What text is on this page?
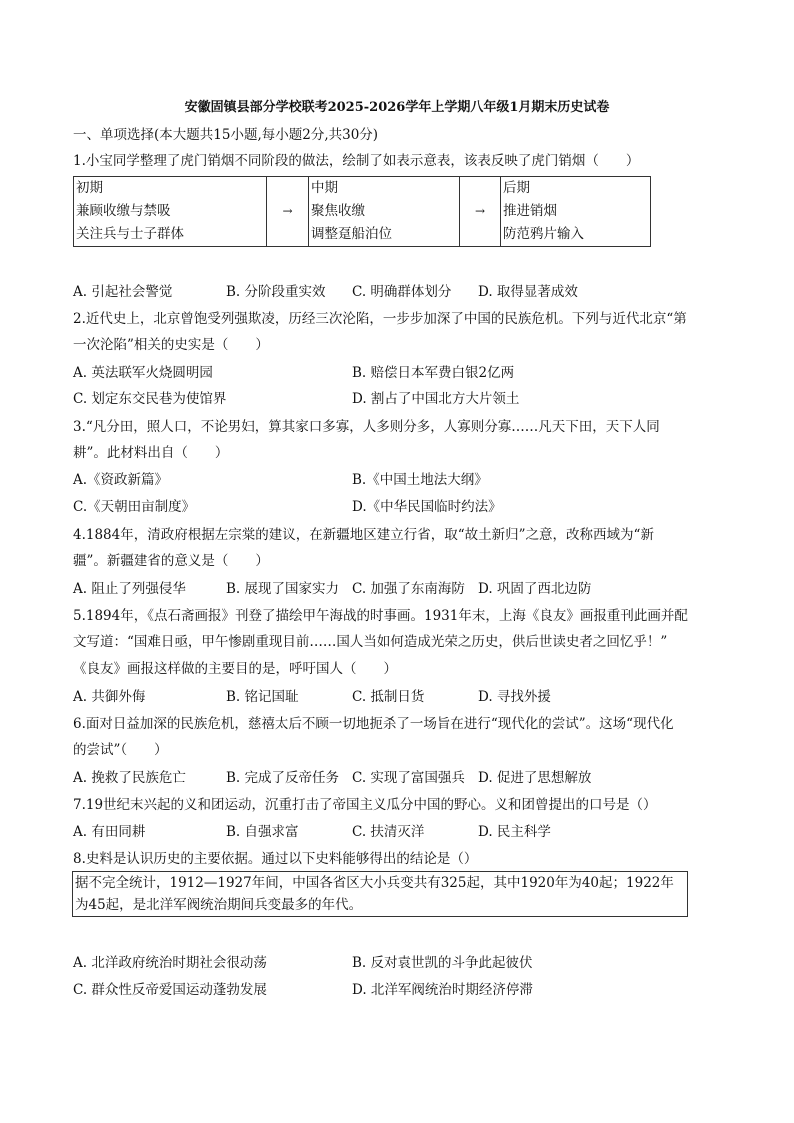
安徽固镇县部分学校联考2025-2026学年上学期八年级1月期末历史试卷
一、单项选择(本大题共15小题,每小题2分,共30分)
1.小宝同学整理了虎门销烟不同阶段的做法，绘制了如表示意表，该表反映了虎门销烟（　　）
初期
兼顾收缴与禁吸
关注兵与士子群体
	→	
中期
聚焦收缴
调整趸船泊位
	→	
后期
推进销烟
防范鸦片输入
A. 引起社会警觉	B. 分阶段重实效 C. 明确群体划分 D. 取得显著成效
2.近代史上，北京曾饱受列强欺凌，历经三次沦陷，一步步加深了中国的民族危机。下列与近代北京“第
一次沦陷”相关的史实是（　　）
A. 英法联军火烧圆明园	B. 赔偿日本军费白银2亿两
C. 划定东交民巷为使馆界	D. 割占了中国北方大片领土
3.“凡分田，照人口，不论男妇，算其家口多寡，人多则分多，人寡则分寡……凡天下田，天下人同
耕”。此材料出自（　　）
A.《资政新篇》	B.《中国土地法大纲》
C.《天朝田亩制度》	D.《中华民国临时约法》
4.1884年，清政府根据左宗棠的建议，在新疆地区建立行省，取“故土新归”之意，改称西域为“新
疆”。新疆建省的意义是（　　）
A. 阻止了列强侵华	B. 展现了国家实力 C. 加强了东南海防 D. 巩固了西北边防
5.1894年，《点石斋画报》刊登了描绘甲午海战的时事画。1931年末，上海《良友》画报重刊此画并配
文写道：“国难日亟，甲午惨剧重现目前……国人当如何造成光荣之历史，供后世读史者之回忆乎！”
《良友》画报这样做的主要目的是，呼吁国人（　　）
A. 共御外侮	B. 铭记国耻	C. 抵制日货	D. 寻找外援
6.面对日益加深的民族危机，慈禧太后不顾一切地扼杀了一场旨在进行“现代化的尝试”。这场“现代化
的尝试”（　　）
A. 挽救了民族危亡	B. 完成了反帝任务 C. 实现了富国强兵 D. 促进了思想解放
7.19世纪末兴起的义和团运动，沉重打击了帝国主义瓜分中国的野心。义和团曾提出的口号是（）
A. 有田同耕	B. 自强求富	C. 扶清灭洋	D. 民主科学
8.史料是认识历史的主要依据。通过以下史料能够得出的结论是（）
据不完全统计，1912—1927年间，中国各省区大小兵变共有325起，其中1920年为40起；1922年
为45起，是北洋军阀统治期间兵变最多的年代。
A. 北洋政府统治时期社会很动荡	B. 反对袁世凯的斗争此起彼伏
C. 群众性反帝爱国运动蓬勃发展	D. 北洋军阀统治时期经济停滞
